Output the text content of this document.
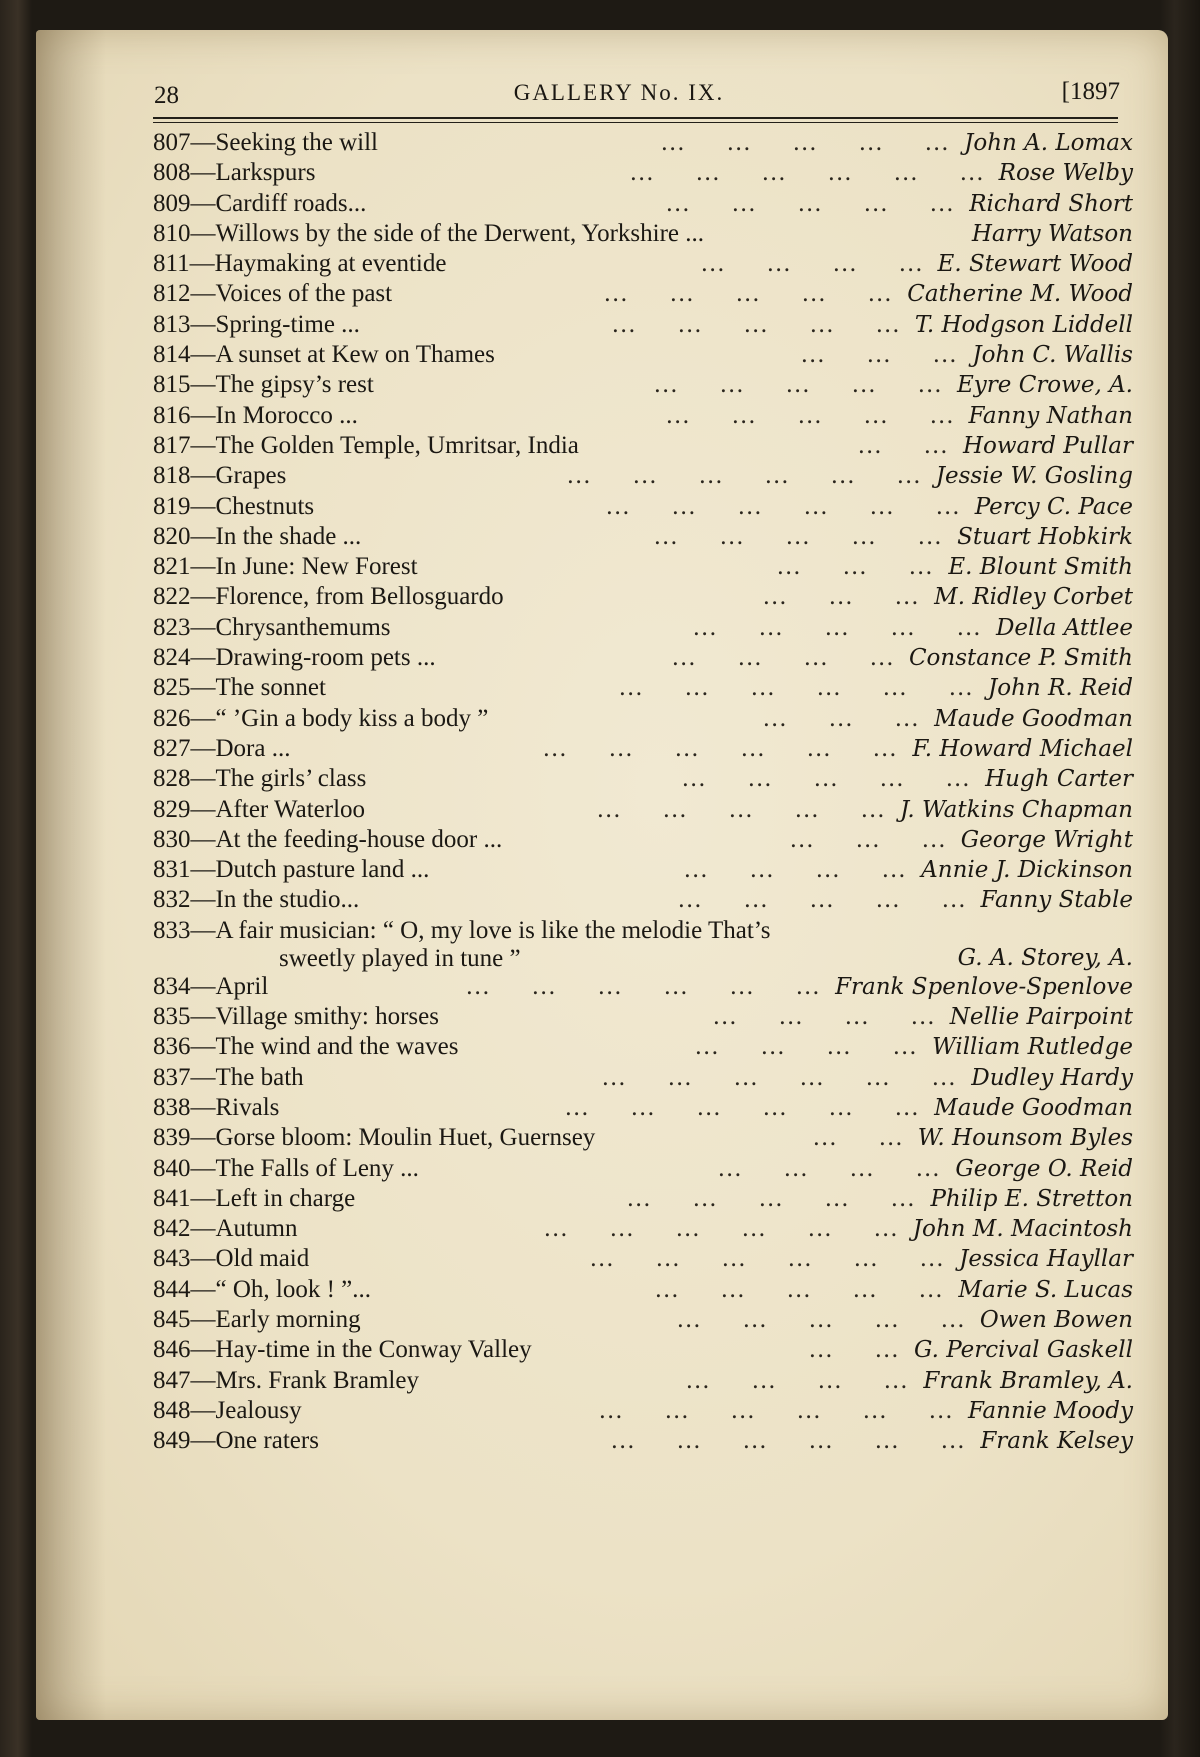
28	GALLERY No. IX.	[1897
807—Seeking the will	...     ...     ...     ...     ... John A. Lomax
808—Larkspurs	...     ...     ...     ...     ...     ... Rose Welby
809—Cardiff roads...	...     ...     ...     ...     ... Richard Short
810—Willows by the side of the Derwent, Yorkshire ...	Harry Watson
811—Haymaking at eventide	...     ...     ...     ... E. Stewart Wood
812—Voices of the past	...     ...     ...     ...     ... Catherine M. Wood
813—Spring-time ...	...     ...     ...     ...     ... T. Hodgson Liddell
814—A sunset at Kew on Thames	...     ...     ... John C. Wallis
815—The gipsy’s rest	...     ...     ...     ...     ... Eyre Crowe, A.
816—In Morocco ...	...     ...     ...     ...     ... Fanny Nathan
817—The Golden Temple, Umritsar, India	...     ... Howard Pullar
818—Grapes	...     ...     ...     ...     ...     ... Jessie W. Gosling
819—Chestnuts	...     ...     ...     ...     ...     ... Percy C. Pace
820—In the shade ...	...     ...     ...     ...     ... Stuart Hobkirk
821—In June: New Forest	...     ...     ... E. Blount Smith
822—Florence, from Bellosguardo	...     ...     ... M. Ridley Corbet
823—Chrysanthemums	...     ...     ...     ...     ... Della Attlee
824—Drawing-room pets ...	...     ...     ...     ... Constance P. Smith
825—The sonnet	...     ...     ...     ...     ...     ... John R. Reid
826—“ ’Gin a body kiss a body ”	...     ...     ... Maude Goodman
827—Dora ...	...     ...     ...     ...     ...     ... F. Howard Michael
828—The girls’ class	...     ...     ...     ...     ... Hugh Carter
829—After Waterloo	...     ...     ...     ...     ... J. Watkins Chapman
830—At the feeding-house door ...	...     ...     ... George Wright
831—Dutch pasture land ...	...     ...     ...     ... Annie J. Dickinson
832—In the studio...	...     ...     ...     ...     ... Fanny Stable
833—A fair musician: “ O, my love is like the melodie That’s
sweetly played in tune ”	G. A. Storey, A.
834—April	...     ...     ...     ...     ...     ... Frank Spenlove-Spenlove
835—Village smithy: horses	...     ...     ...     ... Nellie Pairpoint
836—The wind and the waves	...     ...     ...     ... William Rutledge
837—The bath	...     ...     ...     ...     ...     ... Dudley Hardy
838—Rivals	...     ...     ...     ...     ...     ... Maude Goodman
839—Gorse bloom: Moulin Huet, Guernsey	...     ... W. Hounsom Byles
840—The Falls of Leny ...	...     ...     ...     ... George O. Reid
841—Left in charge	...     ...     ...     ...     ... Philip E. Stretton
842—Autumn	...     ...     ...     ...     ...     ... John M. Macintosh
843—Old maid	...     ...     ...     ...     ...     ... Jessica Hayllar
844—“ Oh, look ! ”...	...     ...     ...     ...     ... Marie S. Lucas
845—Early morning	...     ...     ...     ...     ... Owen Bowen
846—Hay-time in the Conway Valley	...     ... G. Percival Gaskell
847—Mrs. Frank Bramley	...     ...     ...     ... Frank Bramley, A.
848—Jealousy	...     ...     ...     ...     ...     ... Fannie Moody
849—One raters	...     ...     ...     ...     ...     ... Frank Kelsey
